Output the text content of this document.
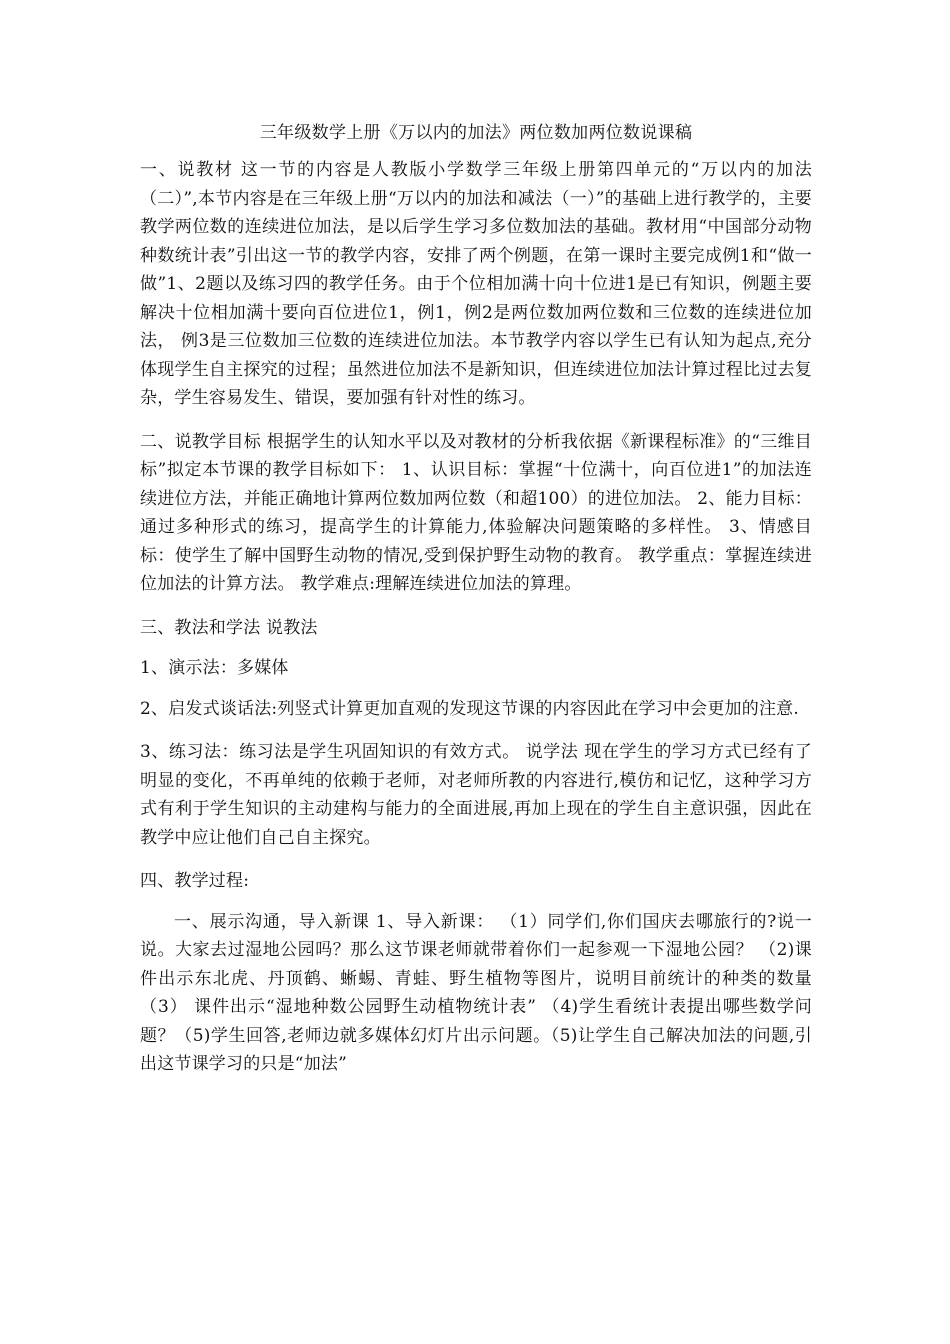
三年级数学上册《万以内的加法》两位数加两位数说课稿

一、说教材 这一节的内容是人教版小学数学三年级上册第四单元的“万以内的加法（二）”,本节内容是在三年级上册“万以内的加法和减法（一）”的基础上进行教学的，主要教学两位数的连续进位加法，是以后学生学习多位数加法的基础。教材用“中国部分动物种数统计表”引出这一节的教学内容，安排了两个例题，在第一课时主要完成例1和“做一做”1、2题以及练习四的教学任务。由于个位相加满十向十位进1是已有知识，例题主要解决十位相加满十要向百位进位1，例1，例2是两位数加两位数和三位数的连续进位加法， 例3是三位数加三位数的连续进位加法。本节教学内容以学生已有认知为起点,充分体现学生自主探究的过程；虽然进位加法不是新知识，但连续进位加法计算过程比过去复杂，学生容易发生、错误，要加强有针对性的练习。

二、说教学目标 根据学生的认知水平以及对教材的分析我依据《新课程标准》的“三维目标”拟定本节课的教学目标如下： 1、认识目标：掌握“十位满十，向百位进1”的加法连续进位方法，并能正确地计算两位数加两位数（和超100）的进位加法。 2、能力目标：通过多种形式的练习，提高学生的计算能力,体验解决问题策略的多样性。 3、情感目标：使学生了解中国野生动物的情况,受到保护野生动物的教育。 教学重点：掌握连续进位加法的计算方法。 教学难点:理解连续进位加法的算理。

三、教法和学法 说教法

1、演示法：多媒体

2、启发式谈话法:列竖式计算更加直观的发现这节课的内容因此在学习中会更加的注意.

3、练习法：练习法是学生巩固知识的有效方式。 说学法 现在学生的学习方式已经有了明显的变化，不再单纯的依赖于老师，对老师所教的内容进行,模仿和记忆，这种学习方式有利于学生知识的主动建构与能力的全面进展,再加上现在的学生自主意识强，因此在教学中应让他们自己自主探究。

四、教学过程:

一、展示沟通，导入新课 1、导入新课： （1）同学们,你们国庆去哪旅行的?说一说。大家去过湿地公园吗？那么这节课老师就带着你们一起参观一下湿地公园？ （2)课件出示东北虎、丹顶鹤、蜥蜴、青蛙、野生植物等图片，说明目前统计的种类的数量（3） 课件出示“湿地种数公园野生动植物统计表” （4)学生看统计表提出哪些数学问题？（5)学生回答,老师边就多媒体幻灯片出示问题。（5)让学生自己解决加法的问题,引出这节课学习的只是“加法”
